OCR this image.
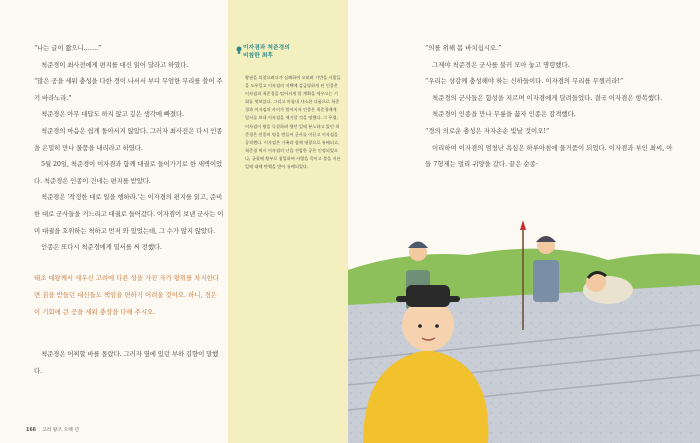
“나는 글이 짧으니…….”

척준경이 최사전에게 편지를 대신 읽어 달라고 하였다.

“많은 공을 세워 충성을 다한 경이 나서서 부디 무엄한 무리를 쓸어 주기 바라노라.”

척준경은 아무 대답도 하지 않고 깊은 생각에 빠졌다.

척준경의 마음은 쉽게 돌아서지 않았다. 그러자 최사전은 다시 인종을 은밀히 만나 물품을 내리라고 하였다.

5월 20일, 척준경이 이자겸과 함께 대궐로 들어가기로 한 새벽이었다. 척준경은 인종이 건네는 편지를 받았다.

척준경은 ‘작정한 대로 일을 행하라.’는 이자겸의 편지를 읽고, 준비한 대로 군사들을 거느리고 대궐로 들어갔다. 이자겸이 보낸 군사는 이미 대궐을 호위하는 척하고 먼저 와 있었는데, 그 수가 많지 않았다.

인종은 또다시 척준경에게 밀서를 써 전했다.

태조 대왕께서 세우신 고려에 다른 성을 가진 자가 왕위를 차지한다면 짐을 받들던 대신들도 책임을 면하기 어려울 것이오. 하니, 경은 이 기회에 큰 공을 세워 충성을 다해 주시오.

척준경은 어찌할 바를 몰랐다. 그러자 옆에 있던 부하 김향이 말했다.

166 고려 왕조 오백 년
이자겸과 척준경의
비참한 최후
왕권을 되찾으려다가 실패하여 오히려 기반을 사람들을 도우일고 이자겸의 저택에 감금당하게 된 인종은 이자겸과 척준경을 떨어지게 할 계획을 세우고는 기회를 엿보았다. 그리고 마침내 사소한 다툼으로 척준경과 이자겸의 사이가 벌어지자 인종은 척준경에게 밀서를 보내 이자겸을 제거할 것을 명했다. 그 무렵, 이자겸이 왕을 독살하려 했던 일에 분노하고 있던 척준경은 인종의 명을 받들어 군사를 이끌고 이자겸을 공격했다. 이자겸은 가족과 함께 영광으로 유배되고, 척준경 역시 이자겸의 난을 진압한 공은 인정되었으나, 궁궐에 횡부로 침입하여 사람을 죽이고 불을 지른 일에 대해 탄핵을 받아 유배되었다.

“의를 위해 몸 바치십시오.”

그제야 척준경은 군사를 불러 모아 놓고 명령했다.

“우리는 상감께 충성해야 하는 신하들이다. 이자겸의 무리를 무찔러라!”

척준경의 군사들은 함성을 지르며 이자겸에게 달려들었다. 결국 이자겸은 항복했다.

척준경이 인종을 만나 무릎을 꿇자 인종은 감격했다.

“경의 의로운 충성은 자자손손 빛날 것이오!”

이리하여 이자겸의 엄청난 욕심은 하루아침에 물거품이 되었다. 이자겸과 부인 최씨, 아들 7형제는 멀리 귀양을 갔다. 끝은 순종·
